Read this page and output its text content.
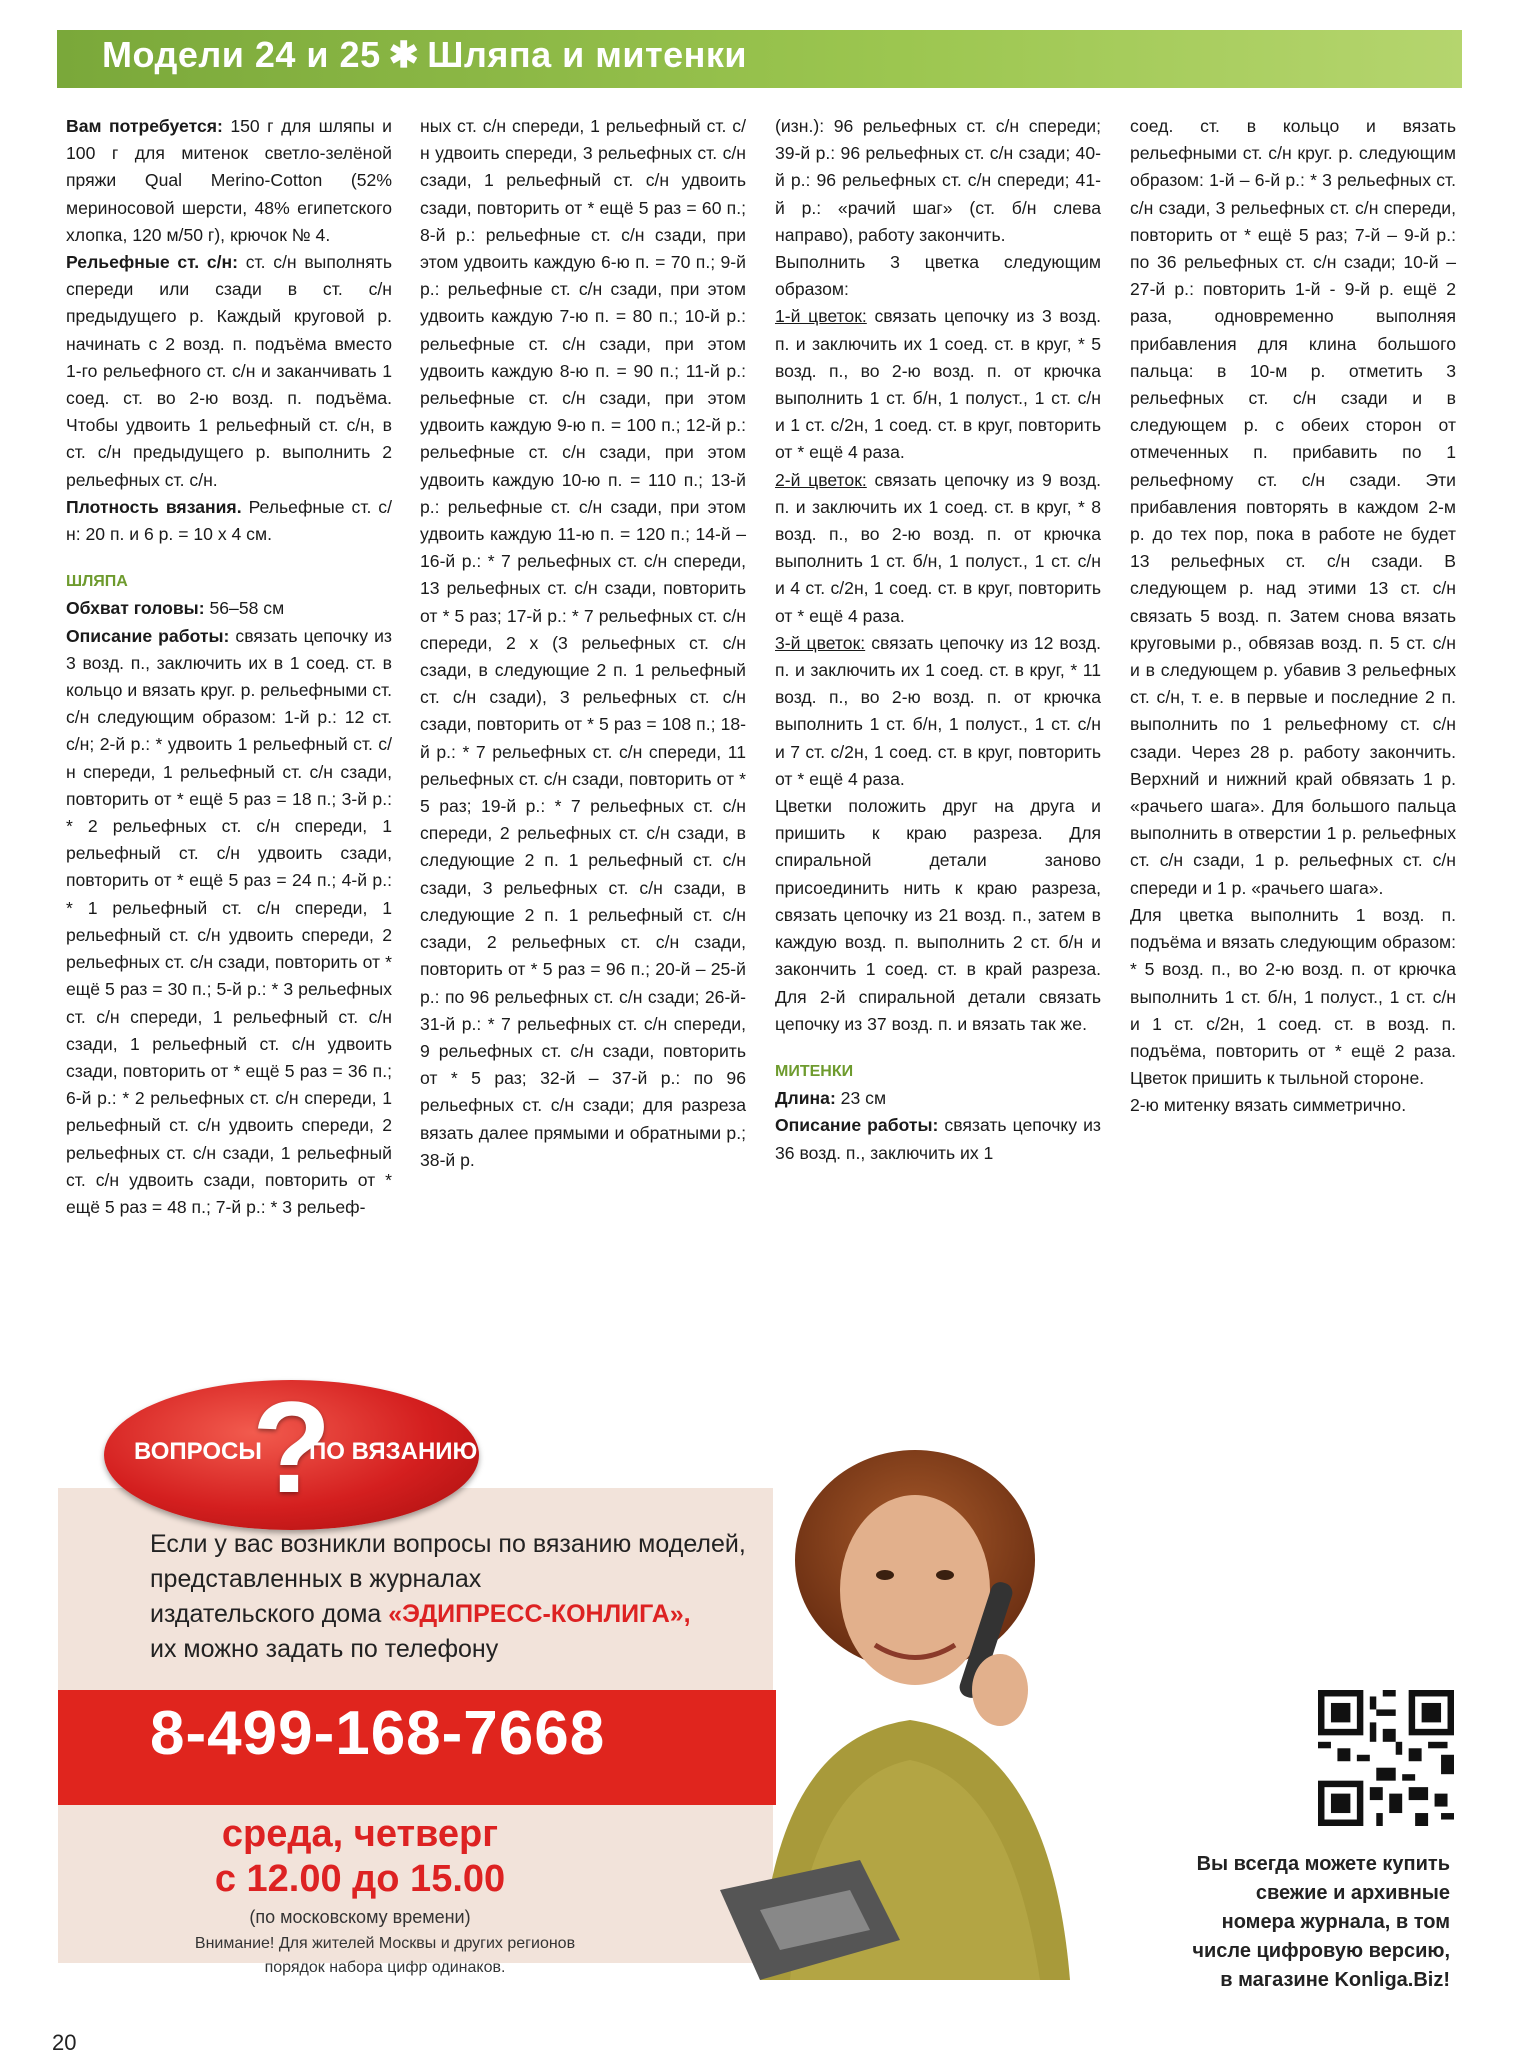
Модели 24 и 25 ✱ Шляпа и митенки

Вам потребуется: 150 г для шляпы и 100 г для митенок светло-зелёной пряжи Qual Merino-Cotton (52% мериносовой шерсти, 48% египетского хлопка, 120 м/50 г), крючок № 4.

Рельефные ст. с/н: ст. с/н выполнять спереди или сзади в ст. с/н предыдущего р. Каждый круговой р. начинать с 2 возд. п. подъёма вместо 1-го рельефного ст. с/н и заканчивать 1 соед. ст. во 2-ю возд. п. подъёма. Чтобы удвоить 1 рельефный ст. с/н, в ст. с/н предыдущего р. выполнить 2 рельефных ст. с/н.

Плотность вязания. Рельефные ст. с/н: 20 п. и 6 р. = 10 х 4 см.

ШЛЯПА

Обхват головы: 56–58 см

Описание работы: связать цепочку из 3 возд. п., заключить их в 1 соед. ст. в кольцо и вязать круг. р. рельефными ст. с/н следующим образом: 1-й р.: 12 ст. с/н; 2-й р.: * удвоить 1 рельефный ст. с/н спереди, 1 рельефный ст. с/н сзади, повторить от * ещё 5 раз = 18 п.; 3-й р.: * 2 рельефных ст. с/н спереди, 1 рельефный ст. с/н удвоить сзади, повторить от * ещё 5 раз = 24 п.; 4-й р.: * 1 рельефный ст. с/н спереди, 1 рельефный ст. с/н удвоить спереди, 2 рельефных ст. с/н сзади, повторить от * ещё 5 раз = 30 п.; 5-й р.: * 3 рельефных ст. с/н спереди, 1 рельефный ст. с/н сзади, 1 рельефный ст. с/н удвоить сзади, повторить от * ещё 5 раз = 36 п.; 6-й р.: * 2 рельефных ст. с/н спереди, 1 рельефный ст. с/н удвоить спереди, 2 рельефных ст. с/н сзади, 1 рельефный ст. с/н удвоить сзади, повторить от * ещё 5 раз = 48 п.; 7-й р.: * 3 рельеф-

ных ст. с/н спереди, 1 рельефный ст. с/н удвоить спереди, 3 рельефных ст. с/н сзади, 1 рельефный ст. с/н удвоить сзади, повторить от * ещё 5 раз = 60 п.; 8-й р.: рельефные ст. с/н сзади, при этом удвоить каждую 6-ю п. = 70 п.; 9-й р.: рельефные ст. с/н сзади, при этом удвоить каждую 7-ю п. = 80 п.; 10-й р.: рельефные ст. с/н сзади, при этом удвоить каждую 8-ю п. = 90 п.; 11-й р.: рельефные ст. с/н сзади, при этом удвоить каждую 9-ю п. = 100 п.; 12-й р.: рельефные ст. с/н сзади, при этом удвоить каждую 10-ю п. = 110 п.; 13-й р.: рельефные ст. с/н сзади, при этом удвоить каждую 11-ю п. = 120 п.; 14-й – 16-й р.: * 7 рельефных ст. с/н спереди, 13 рельефных ст. с/н сзади, повторить от * 5 раз; 17-й р.: * 7 рельефных ст. с/н спереди, 2 х (3 рельефных ст. с/н сзади, в следующие 2 п. 1 рельефный ст. с/н сзади), 3 рельефных ст. с/н сзади, повторить от * 5 раз = 108 п.; 18-й р.: * 7 рельефных ст. с/н спереди, 11 рельефных ст. с/н сзади, повторить от * 5 раз; 19-й р.: * 7 рельефных ст. с/н спереди, 2 рельефных ст. с/н сзади, в следующие 2 п. 1 рельефный ст. с/н сзади, 3 рельефных ст. с/н сзади, в следующие 2 п. 1 рельефный ст. с/н сзади, 2 рельефных ст. с/н сзади, повторить от * 5 раз = 96 п.; 20-й – 25-й р.: по 96 рельефных ст. с/н сзади; 26-й- 31-й р.: * 7 рельефных ст. с/н спереди, 9 рельефных ст. с/н сзади, повторить от * 5 раз; 32-й – 37-й р.: по 96 рельефных ст. с/н сзади; для разреза вязать далее прямыми и обратными р.; 38-й р.

(изн.): 96 рельефных ст. с/н спереди; 39-й р.: 96 рельефных ст. с/н сзади; 40-й р.: 96 рельефных ст. с/н спереди; 41-й р.: «рачий шаг» (ст. б/н слева направо), работу закончить.

Выполнить 3 цветка следующим образом:

1-й цветок: связать цепочку из 3 возд. п. и заключить их 1 соед. ст. в круг, * 5 возд. п., во 2-ю возд. п. от крючка выполнить 1 ст. б/н, 1 полуст., 1 ст. с/н и 1 ст. с/2н, 1 соед. ст. в круг, повторить от * ещё 4 раза.

2-й цветок: связать цепочку из 9 возд. п. и заключить их 1 соед. ст. в круг, * 8 возд. п., во 2-ю возд. п. от крючка выполнить 1 ст. б/н, 1 полуст., 1 ст. с/н и 4 ст. с/2н, 1 соед. ст. в круг, повторить от * ещё 4 раза.

3-й цветок: связать цепочку из 12 возд. п. и заключить их 1 соед. ст. в круг, * 11 возд. п., во 2-ю возд. п. от крючка выполнить 1 ст. б/н, 1 полуст., 1 ст. с/н и 7 ст. с/2н, 1 соед. ст. в круг, повторить от * ещё 4 раза.

Цветки положить друг на друга и пришить к краю разреза. Для спиральной детали заново присоединить нить к краю разреза, связать цепочку из 21 возд. п., затем в каждую возд. п. выполнить 2 ст. б/н и закончить 1 соед. ст. в край разреза. Для 2-й спиральной детали связать цепочку из 37 возд. п. и вязать так же.

МИТЕНКИ

Длина: 23 см

Описание работы: связать цепочку из 36 возд. п., заключить их 1

соед. ст. в кольцо и вязать рельефными ст. с/н круг. р. следующим образом: 1-й – 6-й р.: * 3 рельефных ст. с/н сзади, 3 рельефных ст. с/н спереди, повторить от * ещё 5 раз; 7-й – 9-й р.: по 36 рельефных ст. с/н сзади; 10-й – 27-й р.: повторить 1-й - 9-й р. ещё 2 раза, одновременно выполняя прибавления для клина большого пальца: в 10-м р. отметить 3 рельефных ст. с/н сзади и в следующем р. с обеих сторон от отмеченных п. прибавить по 1 рельефному ст. с/н сзади. Эти прибавления повторять в каждом 2-м р. до тех пор, пока в работе не будет 13 рельефных ст. с/н сзади. В следующем р. над этими 13 ст. с/н связать 5 возд. п. Затем снова вязать круговыми р., обвязав возд. п. 5 ст. с/н и в следующем р. убавив 3 рельефных ст. с/н, т. е. в первые и последние 2 п. выполнить по 1 рельефному ст. с/н сзади. Через 28 р. работу закончить. Верхний и нижний край обвязать 1 р. «рачьего шага». Для большого пальца выполнить в отверстии 1 р. рельефных ст. с/н сзади, 1 р. рельефных ст. с/н спереди и 1 р. «рачьего шага».

Для цветка выполнить 1 возд. п. подъёма и вязать следующим образом: * 5 возд. п., во 2-ю возд. п. от крючка выполнить 1 ст. б/н, 1 полуст., 1 ст. с/н и 1 ст. с/2н, 1 соед. ст. в возд. п. подъёма, повторить от * ещё 2 раза. Цветок пришить к тыльной стороне.

2-ю митенку вязать симметрично.

ВОПРОСЫ
?
ПО ВЯЗАНИЮ
Если у вас возникли вопросы по вязанию моделей,
представленных в журналах
издательского дома «ЭДИПРЕСС-КОНЛИГА»,
их можно задать по телефону
8-499-168-7668
среда, четверг
с 12.00 до 15.00
(по московскому времени)
Внимание! Для жителей Москвы и других регионов
порядок набора цифр одинаков.
Вы всегда можете купить
свежие и архивные
номера журнала, в том
числе цифровую версию,
в магазине Konliga.Biz!
20
